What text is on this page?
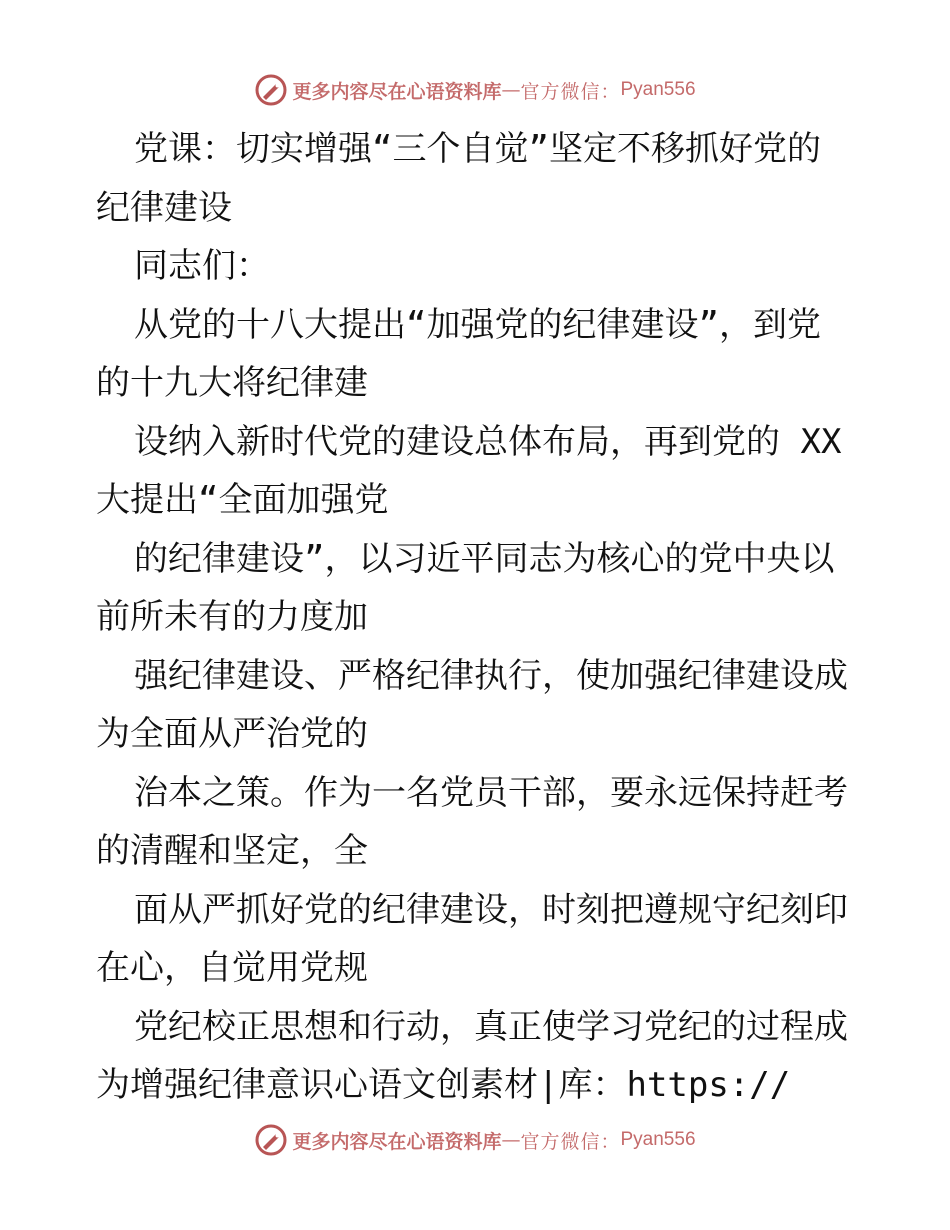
更多内容尽在心语资料库 — 官方微信： Pyan556
党课：切实增强“三个自觉”坚定不移抓好党的
纪律建设
同志们：
从党的十八大提出“加强党的纪律建设”，到党
的十九大将纪律建
设纳入新时代党的建设总体布局，再到党的 XX
大提出“全面加强党
的纪律建设”，以习近平同志为核心的党中央以
前所未有的力度加
强纪律建设、严格纪律执行，使加强纪律建设成
为全面从严治党的
治本之策。作为一名党员干部，要永远保持赶考
的清醒和坚定，全
面从严抓好党的纪律建设，时刻把遵规守纪刻印
在心，自觉用党规
党纪校正思想和行动，真正使学习党纪的过程成
为增强纪律意识心语文创素材|库：https://
更多内容尽在心语资料库 — 官方微信： Pyan556
